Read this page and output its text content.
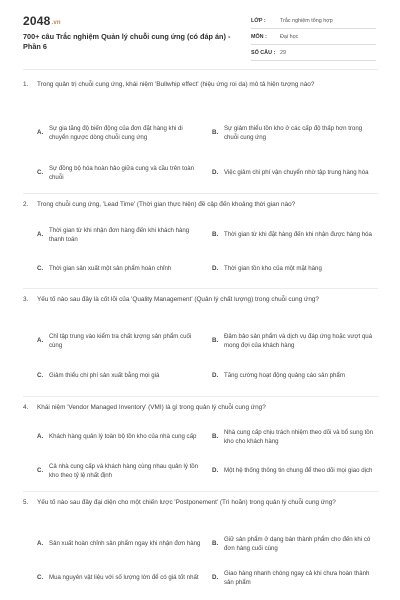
2048.vn
700+ câu Trắc nghiệm Quản lý chuỗi cung ứng (có đáp án) - Phần 6
LỚP :	Trắc nghiệm tổng hợp
MÔN :	Đại học
SỐ CÂU : 29
1.	Trong quản trị chuỗi cung ứng, khái niệm 'Bullwhip effect' (hiệu ứng roi da) mô tả hiện tượng nào?
A.
Sự gia tăng độ biến động của đơn đặt hàng khi di chuyển ngược dòng chuỗi cung ứng
B.
Sự giảm thiểu tồn kho ở các cấp độ thấp hơn trong chuỗi cung ứng
C.
Sự đồng bộ hóa hoàn hảo giữa cung và cầu trên toàn chuỗi
D. Việc giảm chi phí vận chuyển nhờ tập trung hàng hóa
2.	Trong chuỗi cung ứng, 'Lead Time' (Thời gian thực hiện) đề cập đến khoảng thời gian nào?
A.
Thời gian từ khi nhận đơn hàng đến khi khách hàng thanh toán
B. Thời gian từ khi đặt hàng đến khi nhận được hàng hóa
C. Thời gian sản xuất một sản phẩm hoàn chỉnh	D. Thời gian tồn kho của một mặt hàng
3.	Yếu tố nào sau đây là cốt lõi của 'Quality Management' (Quản lý chất lượng) trong chuỗi cung ứng?
A.
Chỉ tập trung vào kiểm tra chất lượng sản phẩm cuối cùng
B.
Đảm bảo sản phẩm và dịch vụ đáp ứng hoặc vượt quá mong đợi của khách hàng
C. Giảm thiểu chi phí sản xuất bằng mọi giá	D. Tăng cường hoạt động quảng cáo sản phẩm
4.	Khái niệm 'Vendor Managed Inventory' (VMI) là gì trong quản lý chuỗi cung ứng?
A. Khách hàng quản lý toàn bộ tồn kho của nhà cung cấp	B.
Nhà cung cấp chịu trách nhiệm theo dõi và bổ sung tồn kho cho khách hàng
C.
Cả nhà cung cấp và khách hàng cùng nhau quản lý tồn kho theo tỷ lệ nhất định
D. Một hệ thống thông tin chung để theo dõi mọi giao dịch
5.	Yếu tố nào sau đây đại diện cho một chiến lược 'Postponement' (Trì hoãn) trong quản lý chuỗi cung ứng?
A. Sản xuất hoàn chỉnh sản phẩm ngay khi nhận đơn hàng B.
Giữ sản phẩm ở dạng bán thành phẩm cho đến khi có đơn hàng cuối cùng
C. Mua nguyên vật liệu với số lượng lớn để có giá tốt nhất	D.
Giao hàng nhanh chóng ngay cả khi chưa hoàn thành sản phẩm
